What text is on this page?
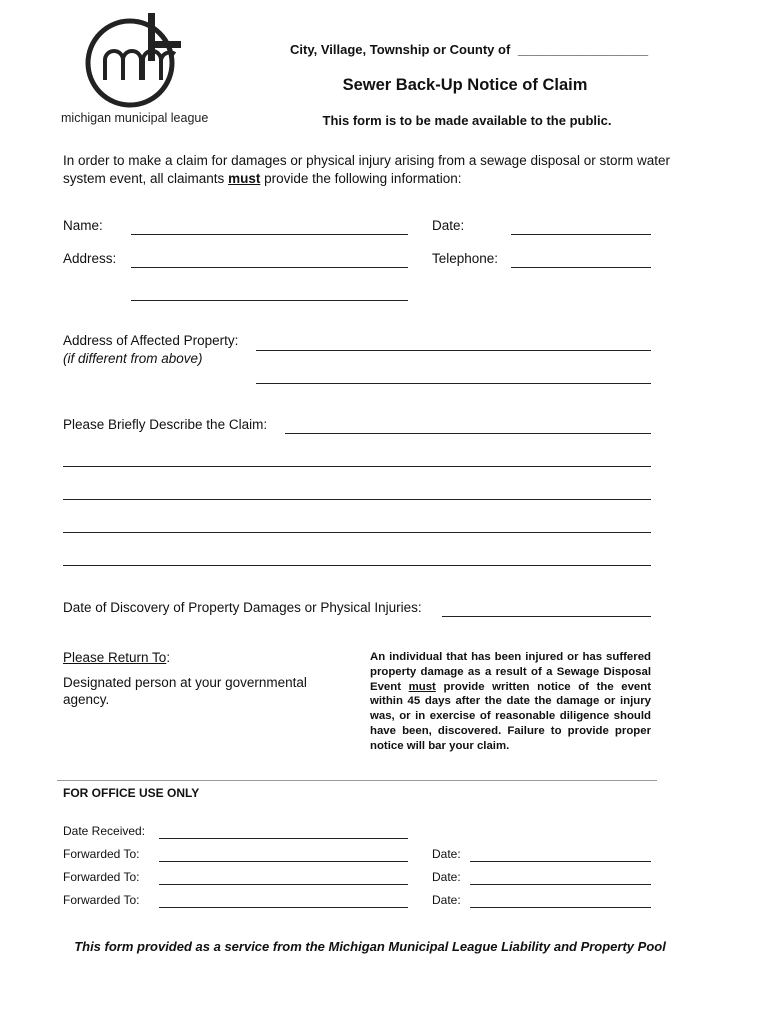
michigan municipal league
City, Village, Township or County of __________________
Sewer Back-Up Notice of Claim
This form is to be made available to the public.
In order to make a claim for damages or physical injury arising from a sewage disposal or storm water system event, all claimants must provide the following information:
Name:	Date:
Address:	Telephone:
Address of Affected Property:
(if different from above)
Please Briefly Describe the Claim:
Date of Discovery of Property Damages or Physical Injuries:
Please Return To:
Designated person at your governmental agency.
An individual that has been injured or has suffered property damage as a result of a Sewage Disposal Event must provide written notice of the event within 45 days after the date the damage or injury was, or in exercise of reasonable diligence should have been, discovered. Failure to provide proper notice will bar your claim.
FOR OFFICE USE ONLY
Date Received:
Forwarded To:	Date:
Forwarded To:	Date:
Forwarded To:	Date:
This form provided as a service from the Michigan Municipal League Liability and Property Pool
